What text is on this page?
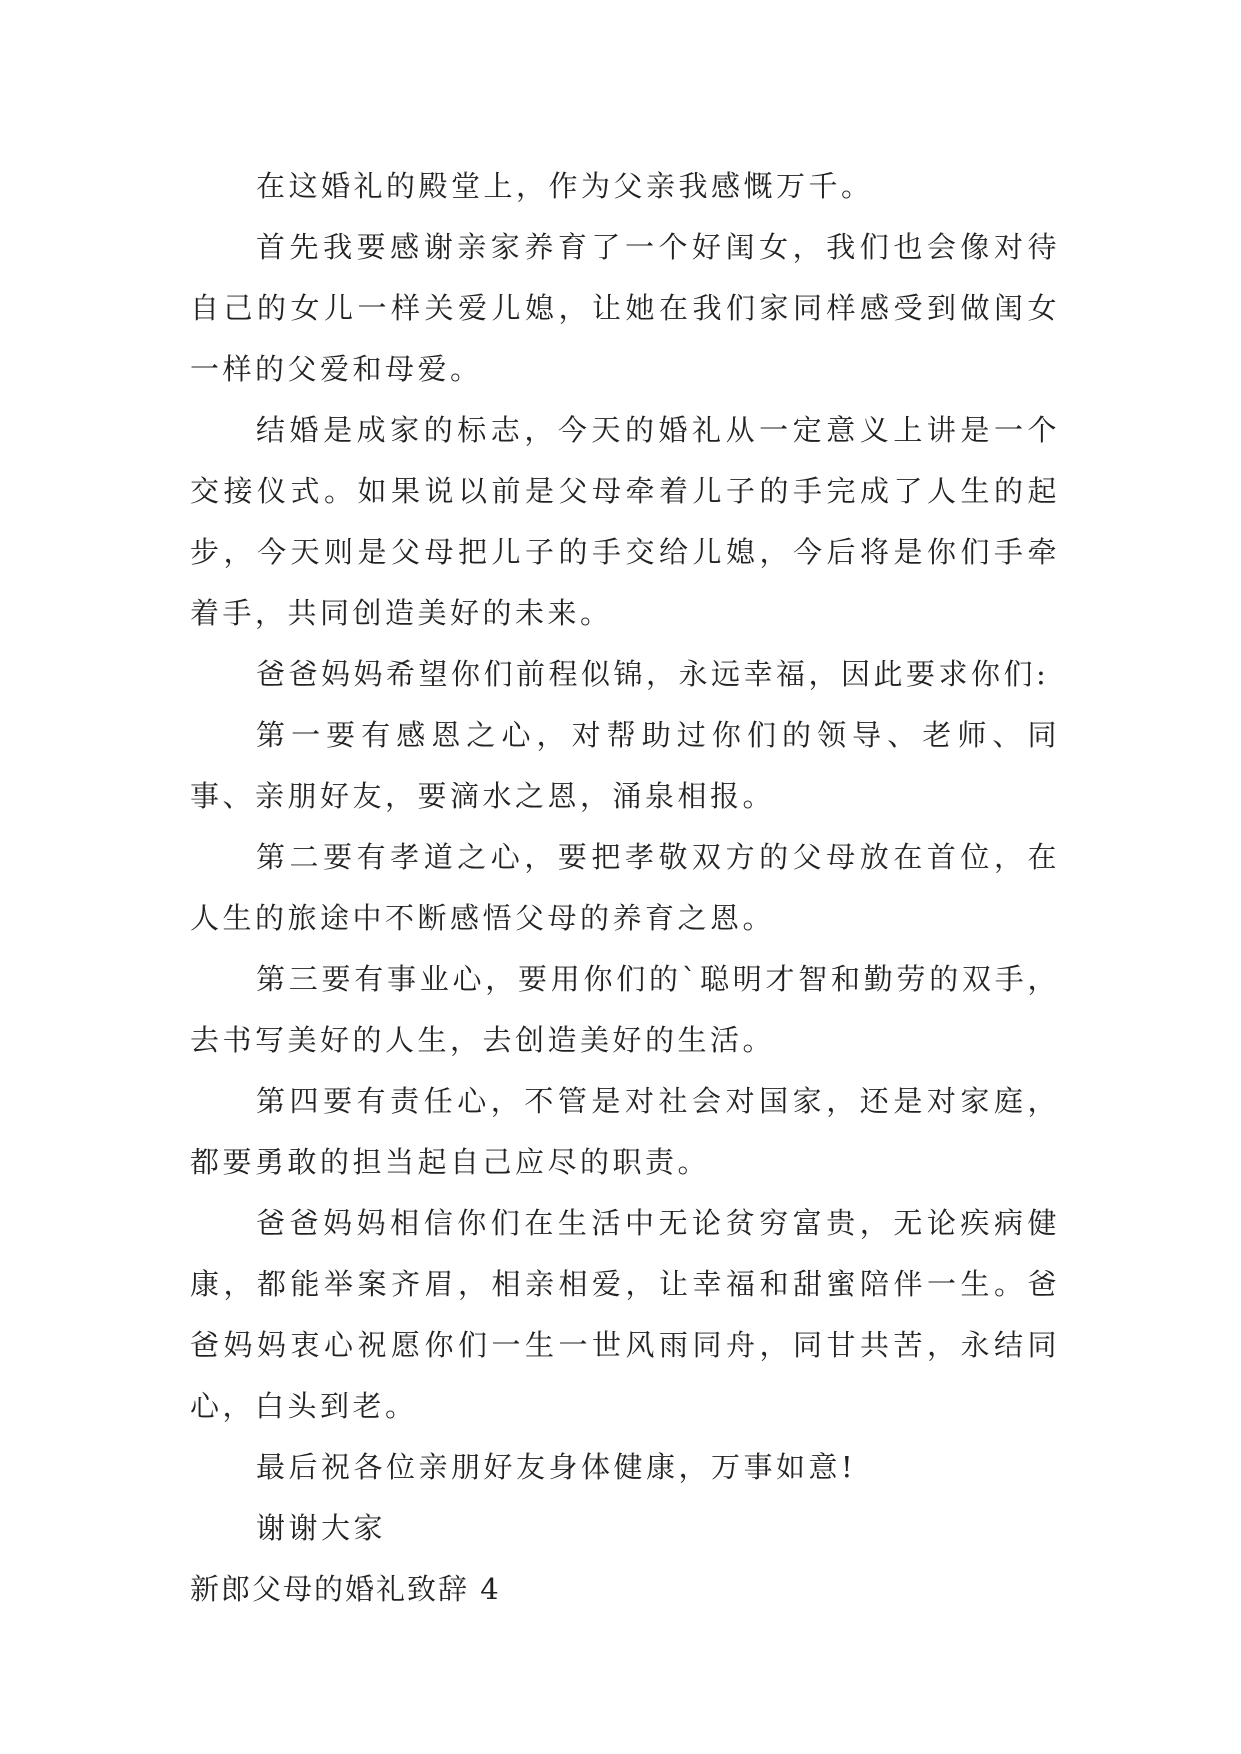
在这婚礼的殿堂上，作为父亲我感慨万千。

首先我要感谢亲家养育了一个好闺女，我们也会像对待自己的女儿一样关爱儿媳，让她在我们家同样感受到做闺女一样的父爱和母爱。

结婚是成家的标志，今天的婚礼从一定意义上讲是一个交接仪式。如果说以前是父母牵着儿子的手完成了人生的起步，今天则是父母把儿子的手交给儿媳，今后将是你们手牵着手，共同创造美好的未来。

爸爸妈妈希望你们前程似锦，永远幸福，因此要求你们:

第一要有感恩之心，对帮助过你们的领导、老师、同事、亲朋好友，要滴水之恩，涌泉相报。

第二要有孝道之心，要把孝敬双方的父母放在首位，在人生的旅途中不断感悟父母的养育之恩。

第三要有事业心，要用你们的`聪明才智和勤劳的双手，去书写美好的人生，去创造美好的生活。

第四要有责任心，不管是对社会对国家，还是对家庭，都要勇敢的担当起自己应尽的职责。

爸爸妈妈相信你们在生活中无论贫穷富贵，无论疾病健康，都能举案齐眉，相亲相爱，让幸福和甜蜜陪伴一生。爸爸妈妈衷心祝愿你们一生一世风雨同舟，同甘共苦，永结同心，白头到老。

最后祝各位亲朋好友身体健康，万事如意!

谢谢大家

新郎父母的婚礼致辞 4
